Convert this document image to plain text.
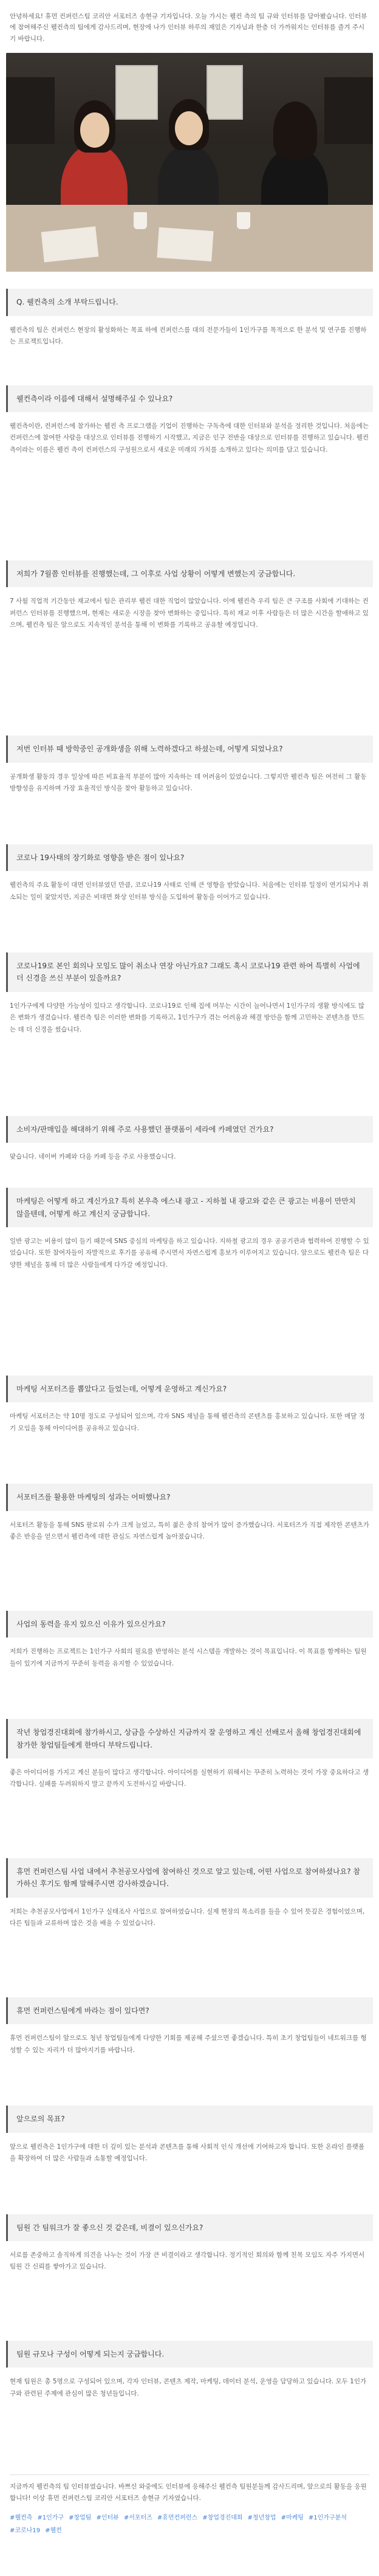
안녕하세요! 휴먼 컨퍼런스팀 코리안 서포터즈 송현규 기자입니다. 오늘 가시는 웰컨 측의 팀 규와 인터뷰를 담아봤습니다. 인터뷰에 참여해주신 웰컨측의 팀에게 감사드리며, 현장에 나가 인터뷰 하루의 재밌은 기자님과 한층 더 가까워지는 인터뷰를 즐겨 주시기 바랍니다.
Q. 웰컨측의 소개 부탁드립니다.
웰컨측의 팀은 컨퍼런스 현장의 활성화하는 목표 하에 컨퍼런스를 대의 전문가들이 1인가구를 목적으로 한 분석 및 연구를 진행하는 프로젝트입니다.
웰컨측이라 이름에 대해서 설명해주실 수 있나요?
웰컨측이란, 컨퍼런스에 참가하는 웰컨 측 프로그램을 기업이 진행하는 구독측에 대한 인터뷰와 분석을 정리한 것입니다. 처음에는 컨퍼런스에 참여한 사람을 대상으로 인터뷰를 진행하기 시작했고, 지금은 인구 전반을 대상으로 인터뷰를 진행하고 있습니다. 웰컨측이라는 이름은 웰컨 측이 컨퍼런스의 구성원으로서 새로운 미래의 가치를 소개하고 있다는 의미를 담고 있습니다.
저희가 7월쯤 인터뷰를 진행했는데, 그 이후로 사업 상황이 어떻게 변했는지 궁금합니다.
7 사월 직업적 기간동안 재교에서 팀은 관리부 웰컨 대한 직업이 많았습니다. 이에 웰컨측 우리 팀은 큰 구조를 사회에 기대하는 컨퍼런스 인터뷰를 진행했으며, 현재는 새로운 시장을 찾아 변화하는 중입니다. 특히 재교 이후 사람들은 더 많은 시간을 할애하고 있으며, 웰컨측 팀은 앞으로도 지속적인 분석을 통해 이 변화를 기록하고 공유할 예정입니다.
저번 인터뷰 때 방학중인 공개화생을 위해 노력하겠다고 하셨는데, 어떻게 되었나요?
공개화생 활동의 경우 일상에 따른 비효율적 부분이 많아 지속하는 데 어려움이 있었습니다. 그렇지만 웰컨측 팀은 여전히 그 활동 방향성을 유지하며 가장 효율적인 방식을 찾아 활동하고 있습니다.
코로나 19사태의 장기화로 영향을 받은 점이 있나요?
웰컨측의 주요 활동이 대면 인터뷰였던 만큼, 코로나19 사태로 인해 큰 영향을 받았습니다. 처음에는 인터뷰 일정이 연기되거나 취소되는 일이 잦았지만, 지금은 비대면 화상 인터뷰 방식을 도입하여 활동을 이어가고 있습니다.
코로나19로 본인 회의나 모임도 많이 취소나 연장 아닌가요? 그래도 혹시 코로나19 관련 하여 특별히 사업에 더 신경을 쓰신 부분이 있을까요?
1인가구에게 다양한 가능성이 있다고 생각합니다. 코로나19로 인해 집에 머무는 시간이 늘어나면서 1인가구의 생활 방식에도 많은 변화가 생겼습니다. 웰컨측 팀은 이러한 변화를 기록하고, 1인가구가 겪는 어려움과 해결 방안을 함께 고민하는 콘텐츠를 만드는 데 더 신경을 썼습니다.
소비자/판매입을 해대하기 위해 주로 사용했던 플랫폼이 세라에 카페였던 건가요?
맞습니다. 네이버 카페와 다음 카페 등을 주로 사용했습니다.
마케팅은 어떻게 하고 계신가요? 특히 본우측 에스내 광고 - 지하철 내 광고와 같은 큰 광고는 비용이 만만치 않을텐데, 어떻게 하고 계신지 궁금합니다.
일반 광고는 비용이 많이 들기 때문에 SNS 중심의 마케팅을 하고 있습니다. 지하철 광고의 경우 공공기관과 협력하여 진행할 수 있었습니다. 또한 참여자들이 자발적으로 후기를 공유해 주시면서 자연스럽게 홍보가 이루어지고 있습니다. 앞으로도 웰컨측 팀은 다양한 채널을 통해 더 많은 사람들에게 다가갈 예정입니다.
마케팅 서포터즈를 뽑았다고 들었는데, 어떻게 운영하고 계신가요?
마케팅 서포터즈는 약 10명 정도로 구성되어 있으며, 각자 SNS 채널을 통해 웰컨측의 콘텐츠를 홍보하고 있습니다. 또한 매달 정기 모임을 통해 아이디어를 공유하고 있습니다.
서포터즈를 활용한 마케팅의 성과는 어떠했나요?
서포터즈 활동을 통해 SNS 팔로워 수가 크게 늘었고, 특히 젊은 층의 참여가 많이 증가했습니다. 서포터즈가 직접 제작한 콘텐츠가 좋은 반응을 얻으면서 웰컨측에 대한 관심도 자연스럽게 높아졌습니다.
사업의 동력을 유지 있으신 이유가 있으신가요?
저희가 진행하는 프로젝트는 1인가구 사회의 필요를 반영하는 분석 시스템을 개발하는 것이 목표입니다. 이 목표를 함께하는 팀원들이 있기에 지금까지 꾸준히 동력을 유지할 수 있었습니다.
작년 창업경진대회에 참가하시고, 상금을 수상하신 지금까지 잘 운영하고 계신 선배로서 올해 창업경진대회에 참가한 창업팀들에게 한마디 부탁드립니다.
좋은 아이디어를 가지고 계신 분들이 많다고 생각합니다. 아이디어를 실현하기 위해서는 꾸준히 노력하는 것이 가장 중요하다고 생각합니다. 실패를 두려워하지 말고 끝까지 도전하시길 바랍니다.
휴먼 컨퍼런스팀 사업 내에서 추천공모사업에 참여하신 것으로 알고 있는데, 어떤 사업으로 참여하셨나요? 참가하신 후기도 함께 말해주시면 감사하겠습니다.
저희는 추천공모사업에서 1인가구 실태조사 사업으로 참여하였습니다. 실제 현장의 목소리를 들을 수 있어 뜻깊은 경험이었으며, 다른 팀들과 교류하며 많은 것을 배울 수 있었습니다.
휴먼 컨퍼런스팀에게 바라는 점이 있다면?
휴먼 컨퍼런스팀이 앞으로도 청년 창업팀들에게 다양한 기회를 제공해 주셨으면 좋겠습니다. 특히 초기 창업팀들이 네트워크를 형성할 수 있는 자리가 더 많아지기를 바랍니다.
앞으로의 목표?
앞으로 웰컨측은 1인가구에 대한 더 깊이 있는 분석과 콘텐츠를 통해 사회적 인식 개선에 기여하고자 합니다. 또한 온라인 플랫폼을 확장하여 더 많은 사람들과 소통할 예정입니다.
팀원 간 팀워크가 잘 좋으신 것 같은데, 비결이 있으신가요?
서로를 존중하고 솔직하게 의견을 나누는 것이 가장 큰 비결이라고 생각합니다. 정기적인 회의와 함께 친목 모임도 자주 가지면서 팀원 간 신뢰를 쌓아가고 있습니다.
팀원 규모나 구성이 어떻게 되는지 궁금합니다.
현재 팀원은 총 5명으로 구성되어 있으며, 각자 인터뷰, 콘텐츠 제작, 마케팅, 데이터 분석, 운영을 담당하고 있습니다. 모두 1인가구와 관련된 주제에 관심이 많은 청년들입니다.
지금까지 웰컨측의 팀 인터뷰였습니다. 바쁘신 와중에도 인터뷰에 응해주신 웰컨측 팀원분들께 감사드리며, 앞으로의 활동을 응원합니다! 이상 휴먼 컨퍼런스팀 코리안 서포터즈 송현규 기자였습니다.
#웰컨측 #1인가구 #창업팀 #인터뷰 #서포터즈 #휴먼컨퍼런스 #창업경진대회 #청년창업 #마케팅 #1인가구분석
#코로나19 #웰컨
